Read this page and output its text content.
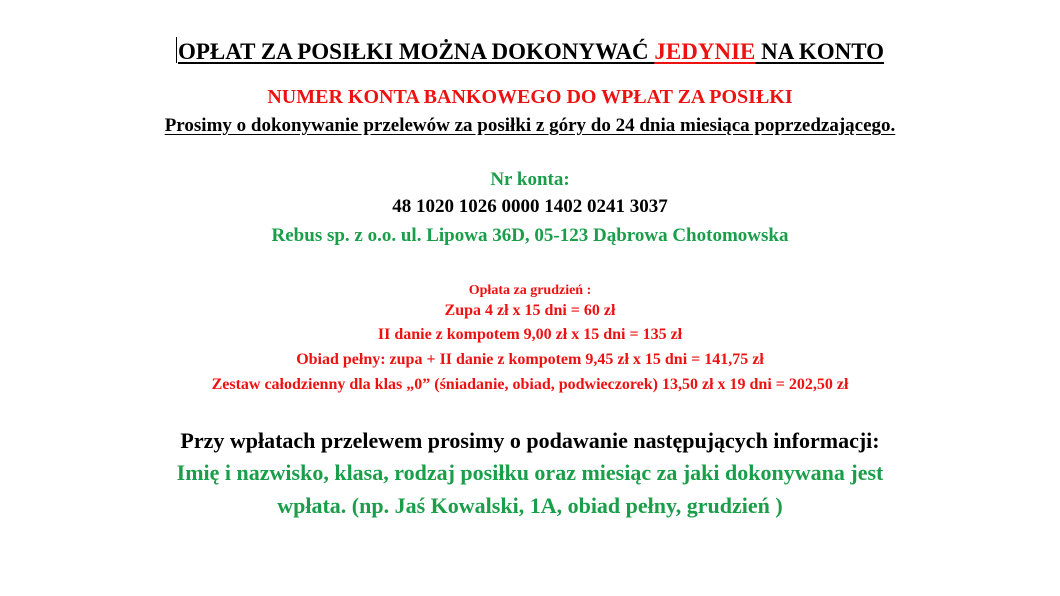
OPŁAT ZA POSIŁKI MOŻNA DOKONYWAĆ JEDYNIE NA KONTO
NUMER KONTA BANKOWEGO DO WPŁAT ZA POSIŁKI
Prosimy o dokonywanie przelewów za posiłki z góry do 24 dnia miesiąca poprzedzającego.
Nr konta:
48 1020 1026 0000 1402 0241 3037
Rebus sp. z o.o. ul. Lipowa 36D, 05-123 Dąbrowa Chotomowska
Opłata za grudzień :
Zupa 4 zł x 15 dni = 60 zł
II danie z kompotem 9,00 zł x 15 dni = 135 zł
Obiad pełny: zupa + II danie z kompotem 9,45 zł x 15 dni = 141,75 zł
Zestaw całodzienny dla klas „0” (śniadanie, obiad, podwieczorek) 13,50 zł x 19 dni = 202,50 zł
Przy wpłatach przelewem prosimy o podawanie następujących informacji:
Imię i nazwisko, klasa, rodzaj posiłku oraz miesiąc za jaki dokonywana jest
wpłata. (np. Jaś Kowalski, 1A, obiad pełny, grudzień )
